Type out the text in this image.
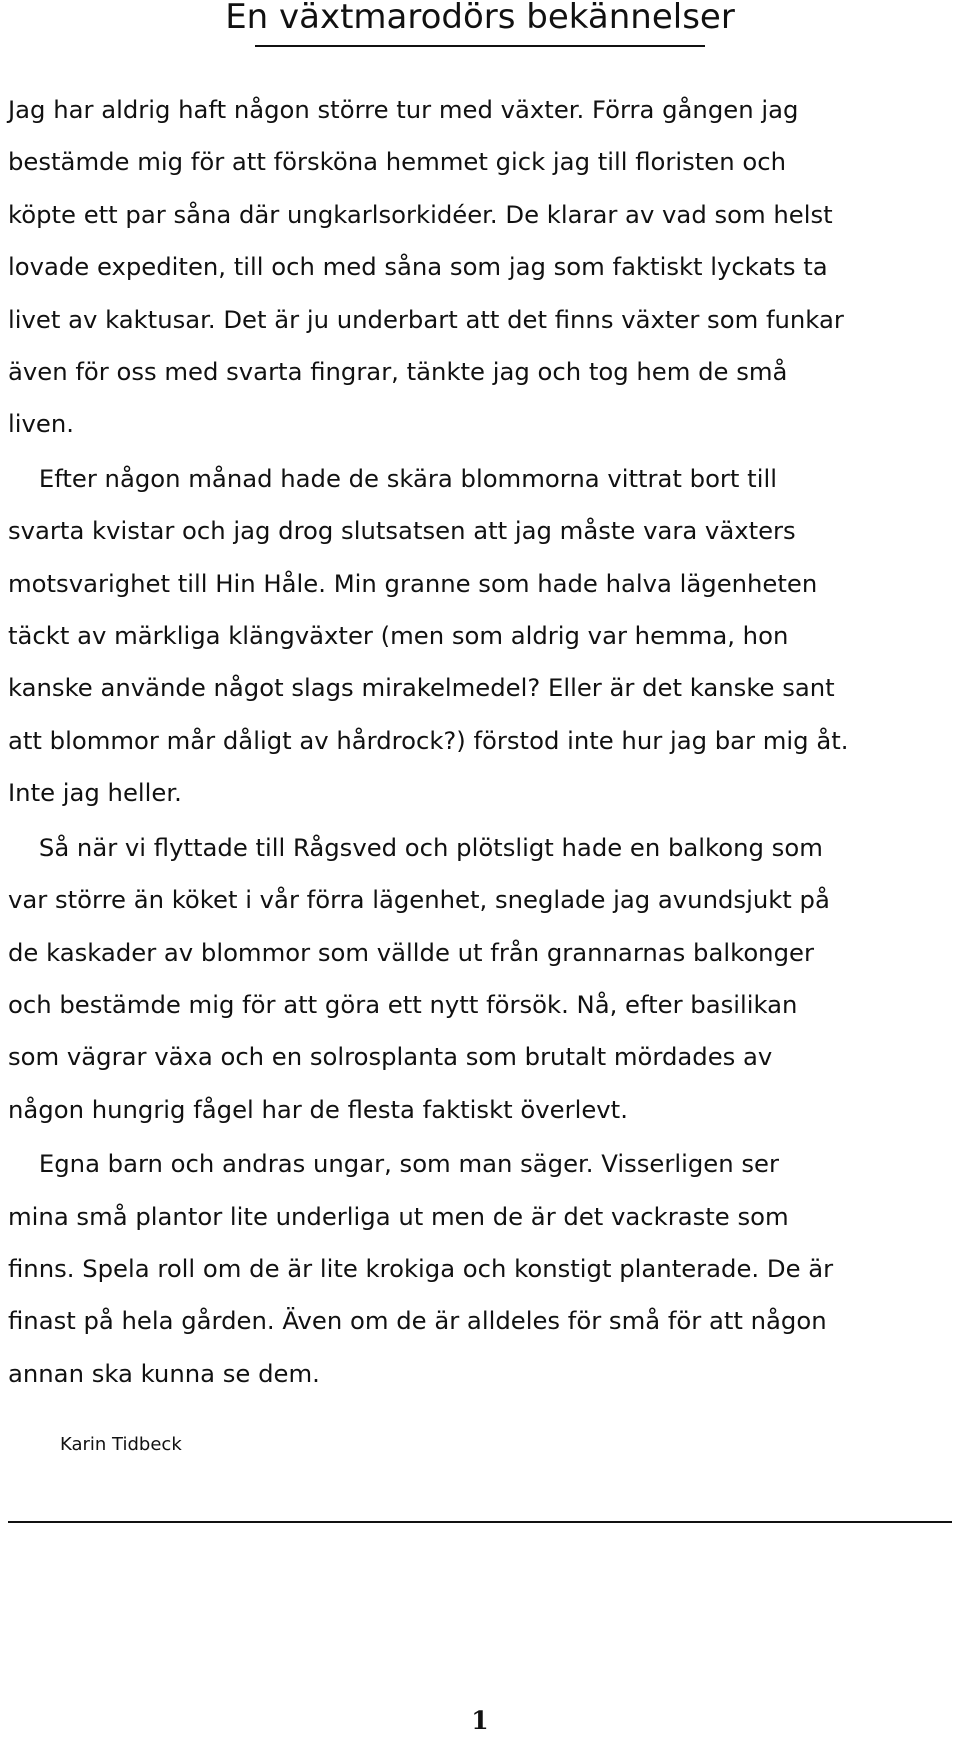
En växtmarodörs bekännelser

Jag har aldrig haft någon större tur med växter. Förra gången jag
bestämde mig för att försköna hemmet gick jag till floristen och
köpte ett par såna där ungkarlsorkidéer. De klarar av vad som helst
lovade expediten, till och med såna som jag som faktiskt lyckats ta
livet av kaktusar. Det är ju underbart att det finns växter som funkar
även för oss med svarta fingrar, tänkte jag och tog hem de små
liven.

Efter någon månad hade de skära blommorna vittrat bort till
svarta kvistar och jag drog slutsatsen att jag måste vara växters
motsvarighet till Hin Håle. Min granne som hade halva lägenheten
täckt av märkliga klängväxter (men som aldrig var hemma, hon
kanske använde något slags mirakelmedel? Eller är det kanske sant
att blommor mår dåligt av hårdrock?) förstod inte hur jag bar mig åt.
Inte jag heller.

Så när vi flyttade till Rågsved och plötsligt hade en balkong som
var större än köket i vår förra lägenhet, sneglade jag avundsjukt på
de kaskader av blommor som vällde ut från grannarnas balkonger
och bestämde mig för att göra ett nytt försök. Nå, efter basilikan
som vägrar växa och en solrosplanta som brutalt mördades av
någon hungrig fågel har de flesta faktiskt överlevt.

Egna barn och andras ungar, som man säger. Visserligen ser
mina små plantor lite underliga ut men de är det vackraste som
finns. Spela roll om de är lite krokiga och konstigt planterade. De är
finast på hela gården. Även om de är alldeles för små för att någon
annan ska kunna se dem.

Karin Tidbeck
1
